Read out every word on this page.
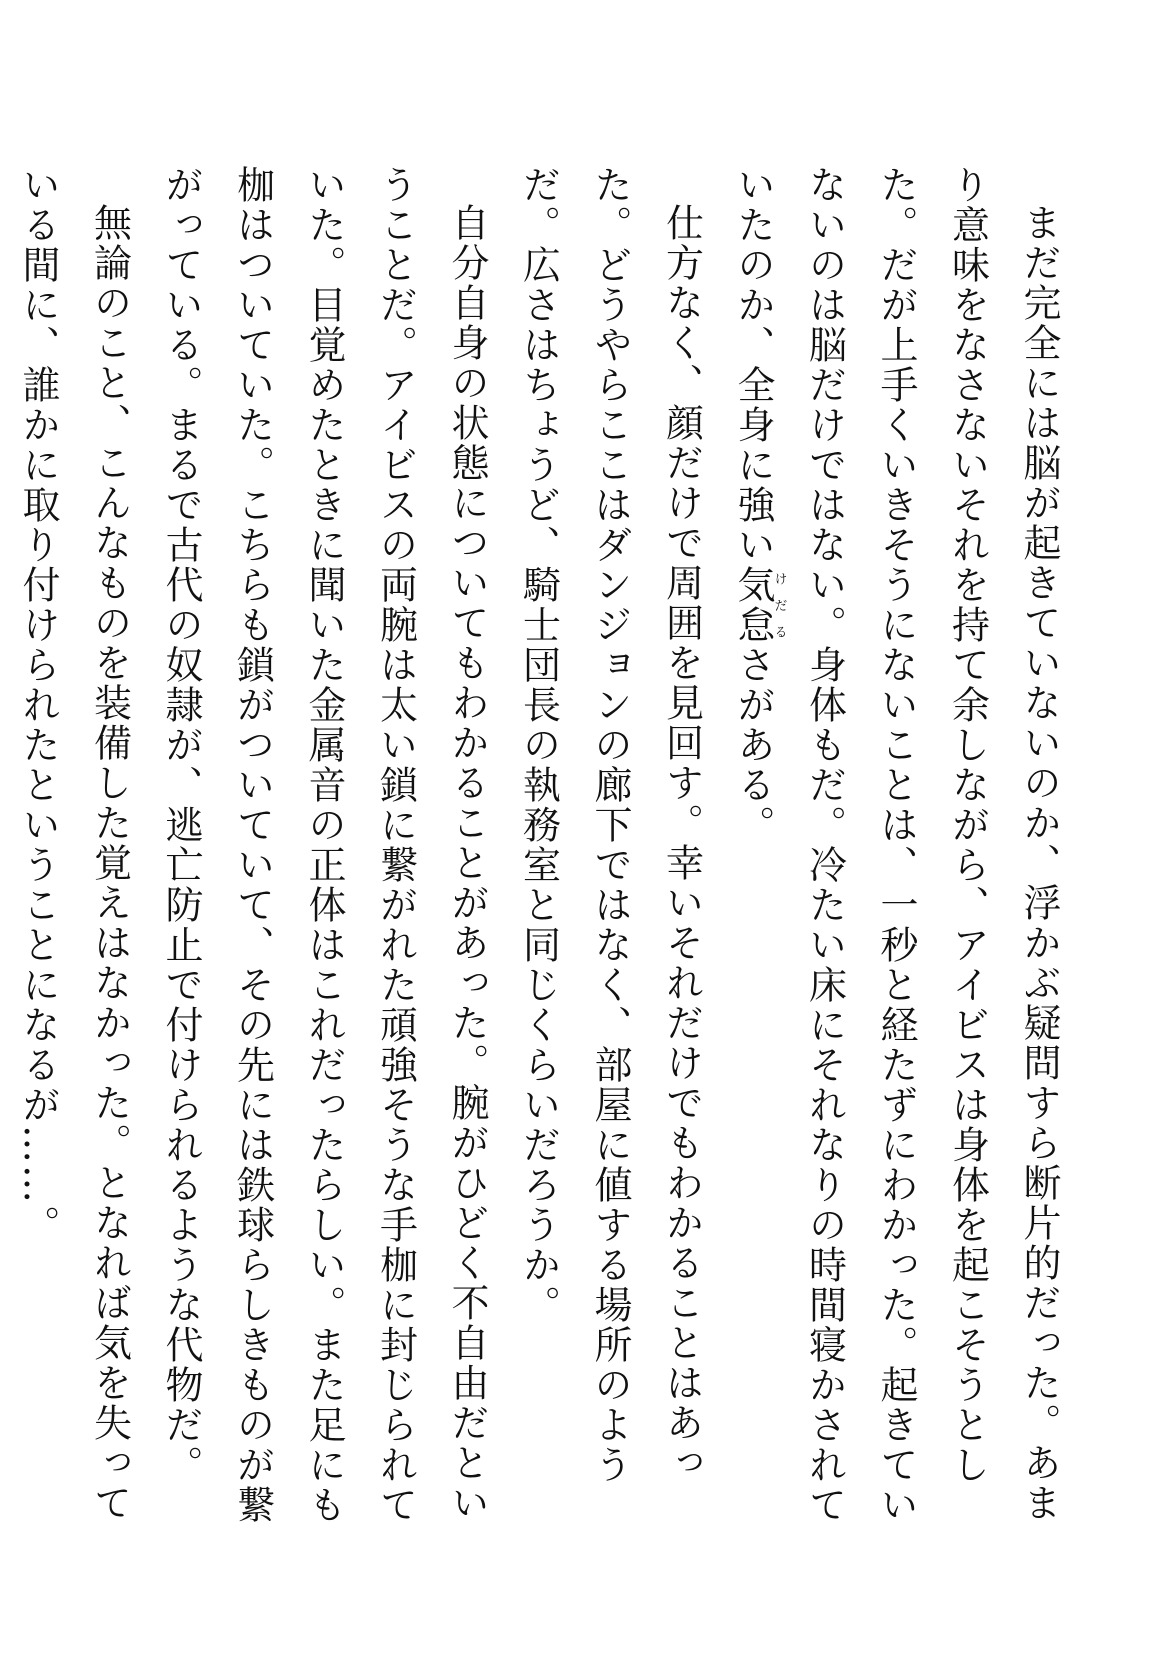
まだ完全には脳が起きていないのか、浮かぶ疑問すら断片的だった。あまり意味をなさないそれを持て余しながら、アイビスは身体を起こそうとした。だが上手くいきそうにないことは、一秒と経たずにわかった。起きていないのは脳だけではない。身体もだ。冷たい床にそれなりの時間寝かされていたのか、全身に強い気怠けだるさがある。

仕方なく、顔だけで周囲を見回す。幸いそれだけでもわかることはあった。どうやらここはダンジョンの廊下ではなく、部屋に値する場所のようだ。広さはちょうど、騎士団長の執務室と同じくらいだろうか。

自分自身の状態についてもわかることがあった。腕がひどく不自由だということだ。アイビスの両腕は太い鎖に繋がれた頑強そうな手枷に封じられていた。目覚めたときに聞いた金属音の正体はこれだったらしい。また足にも枷はついていた。こちらも鎖がついていて、その先には鉄球らしきものが繋がっている。まるで古代の奴隷が、逃亡防止で付けられるような代物だ。

無論のこと、こんなものを装備した覚えはなかった。となれば気を失っている間に、誰かに取り付けられたということになるが……。
